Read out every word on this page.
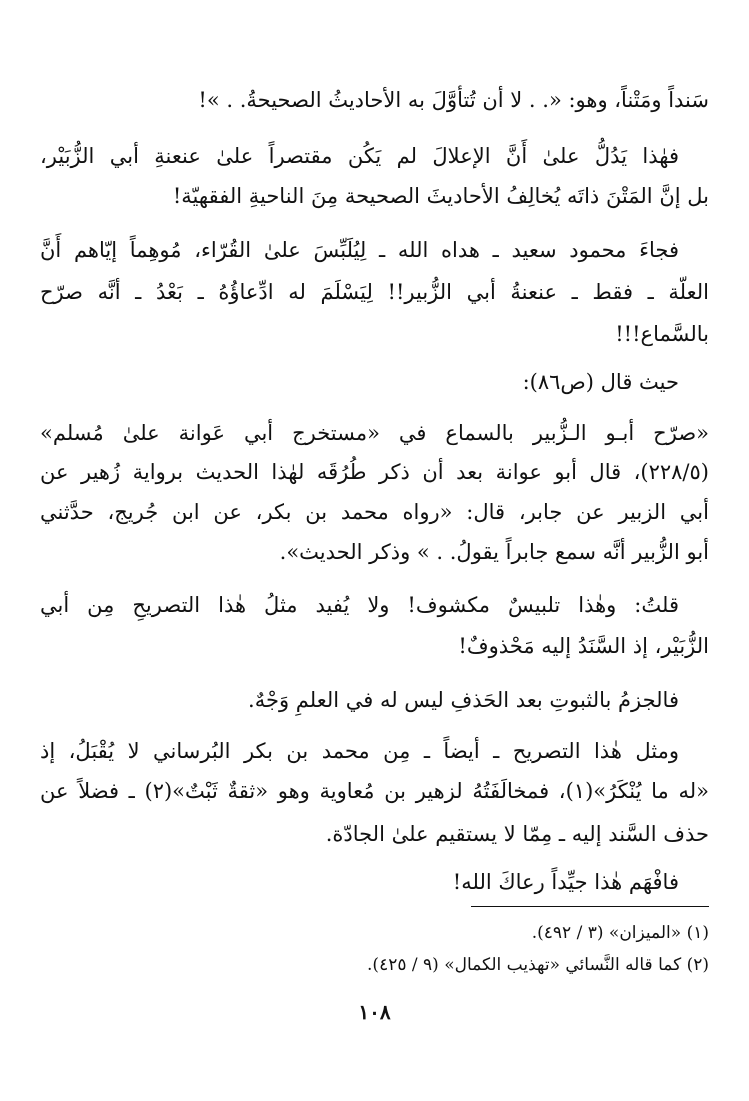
سَنداً ومَتْناً، وهو: «. . لا أن تُتأوَّلَ به الأحاديثُ الصحيحةُ. . »!
فهٰذا يَدُلُّ علىٰ أَنَّ الإعلالَ لم يَكُن مقتصراً علىٰ عنعنةِ أبي الزُّبَيْر،
بل إنَّ المَتْنَ ذاتَه يُخالِفُ الأحاديثَ الصحيحة مِنَ الناحيةِ الفقهيّة!
فجاءَ محمود سعيد ـ هداه الله ـ لِيُلَبِّسَ علىٰ القُرّاء، مُوهِماً إيّاهم أَنَّ
العلّة ـ فقط ـ عنعنةُ أبي الزُّبير!! لِيَسْلَمَ له ادِّعاؤُهُ ـ بَعْدُ ـ أنَّه صرّح
بالسَّماع!!!
حيث قال (ص٨٦):
«صرّح أبـو الـزُّبير بالسماع في «مستخرج أبي عَوانة علىٰ مُسلم»
(٢٢٨/٥)، قال أبو عوانة بعد أن ذكر طُرُقَه لهٰذا الحديث برواية زُهير عن
أبي الزبير عن جابر، قال: «رواه محمد بن بكر، عن ابن جُريج، حدَّثني
أبو الزُّبير أنَّه سمع جابراً يقولُ. . » وذكر الحديث».
قلتُ: وهٰذا تلبيسٌ مكشوف! ولا يُفيد مثلُ هٰذا التصريحِ مِن أبي
الزُّبَيْر، إذ السَّنَدُ إليه مَحْذوفٌ!
فالجزمُ بالثبوتِ بعد الحَذفِ ليس له في العلمِ وَجْهٌ.
ومثل هٰذا التصريح ـ أيضاً ـ مِن محمد بن بكر البُرساني لا يُقْبَلُ، إذ
«له ما يُنْكَرُ»(١)، فمخالَفَتُهُ لزهير بن مُعاوية وهو «ثقةٌ ثَبْتٌ»(٢) ـ فضلاً عن
حذف السَّند إليه ـ مِمّا لا يستقيم علىٰ الجادّة.
فافْهَم هٰذا جيِّداً رعاكَ الله!
(١) «الميزان» (٣ / ٤٩٢).
(٢) كما قاله النَّسائي «تهذيب الكمال» (٩ / ٤٢٥).
١٠٨
